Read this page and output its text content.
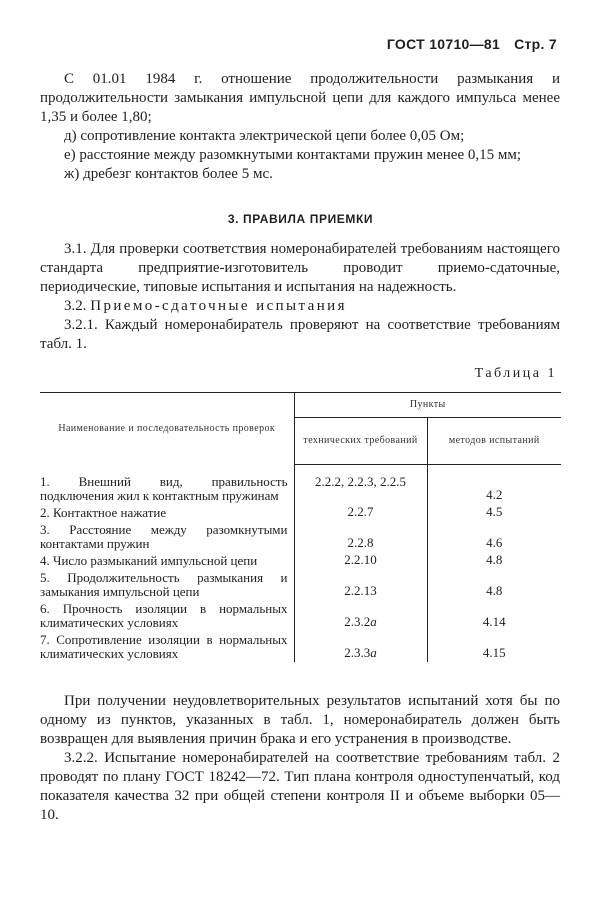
ГОСТ 10710—81 Стр. 7

С 01.01 1984 г. отношение продолжительности размыкания и продолжительности замыкания импульсной цепи для каждого импульса менее 1,35 и более 1,80;

д) сопротивление контакта электрической цепи более 0,05 Ом;

е) расстояние между разомкнутыми контактами пружин менее 0,15 мм;

ж) дребезг контактов более 5 мс.

3. ПРАВИЛА ПРИЕМКИ

3.1. Для проверки соответствия номеронабирателей требованиям настоящего стандарта предприятие-изготовитель проводит приемо-сдаточные, периодические, типовые испытания и испытания на надежность.

3.2. Приемо-сдаточные испытания

3.2.1. Каждый номеронабиратель проверяют на соответствие требованиям табл. 1.

Таблица 1
Наименование и последовательность проверок	Пункты	
	технических требований	методов испытаний
1. Внешний вид, правильность подключения жил к контактным пружинам	2.2.2, 2.2.3, 2.2.5	4.2
2. Контактное нажатие	2.2.7	4.5
3. Расстояние между разомкнутыми контактами пружин	2.2.8	4.6
4. Число размыканий импульсной цепи	2.2.10	4.8
5. Продолжительность размыкания и замыкания импульсной цепи	2.2.13	4.8
6. Прочность изоляции в нормальных климатических условиях	2.3.2а	4.14
7. Сопротивление изоляции в нормальных климатических условиях	2.3.3а	4.15

При получении неудовлетворительных результатов испытаний хотя бы по одному из пунктов, указанных в табл. 1, номеронабиратель должен быть возвращен для выявления причин брака и его устранения в производстве.

3.2.2. Испытание номеронабирателей на соответствие требованиям табл. 2 проводят по плану ГОСТ 18242—72. Тип плана контроля одноступенчатый, код показателя качества 32 при общей степени контроля II и объеме выборки 05—10.
